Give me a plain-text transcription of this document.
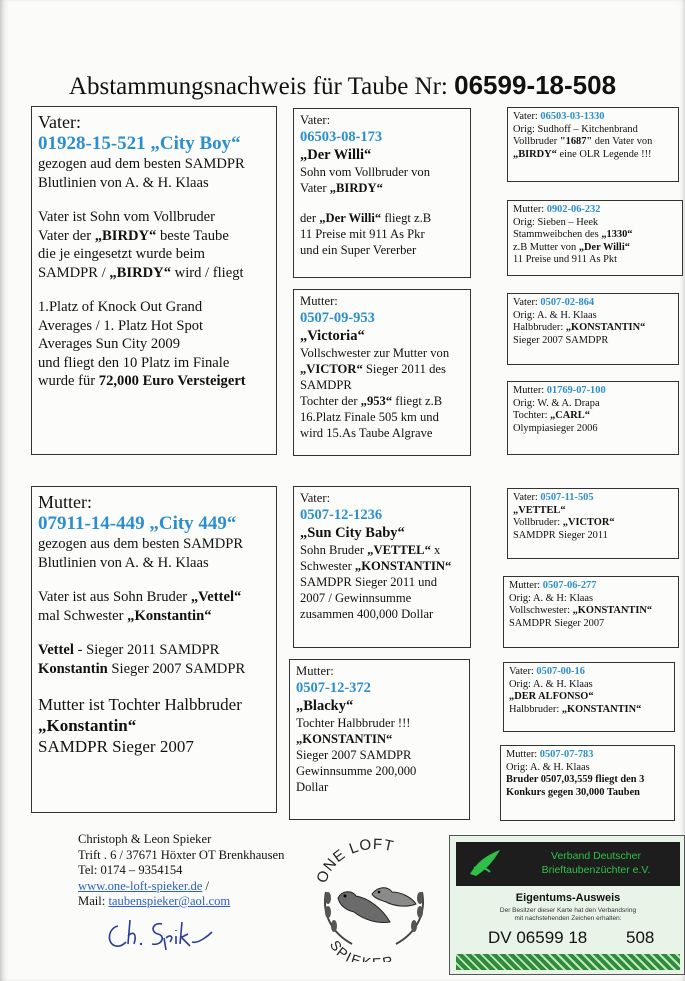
Abstammungsnachweis für Taube Nr: 06599-18-508

Vater:

01928-15-521 „City Boy“

gezogen aud dem besten SAMDPR

Blutlinien von A. & H. Klaas

Vater ist Sohn vom Vollbruder

Vater der „BIRDY“ beste Taube

die je eingesetzt wurde beim

SAMDPR / „BIRDY“ wird / fliegt

1.Platz of Knock Out Grand

Averages / 1. Platz Hot Spot

Averages Sun City 2009

und fliegt den 10 Platz im Finale

wurde für 72,000 Euro Versteigert

Mutter:

07911-14-449 „City 449“

gezogen aus dem besten SAMDPR

Blutlinien von A. & H. Klaas

Vater ist aus Sohn Bruder „Vettel“

mal Schwester „Konstantin“

Vettel - Sieger 2011 SAMDPR

Konstantin Sieger 2007 SAMDPR

Mutter ist Tochter Halbbruder

„Konstantin“

SAMDPR Sieger 2007

Vater:

06503-08-173

„Der Willi“

Sohn vom Vollbruder von

Vater „BIRDY“

der „Der Willi“ fliegt z.B

11 Preise mit 911 As Pkr

und ein Super Vererber

Mutter:

0507-09-953

„Victoria“

Vollschwester zur Mutter von

„VICTOR“ Sieger 2011 des

SAMDPR

Tochter der „953“ fliegt z.B

16.Platz Finale 505 km und

wird 15.As Taube Algrave

Vater:

0507-12-1236

„Sun City Baby“

Sohn Bruder „VETTEL“ x

Schwester „KONSTANTIN“

SAMDPR Sieger 2011 und

2007 / Gewinnsumme

zusammen 400,000 Dollar

Mutter:

0507-12-372

„Blacky“

Tochter Halbbruder !!!

„KONSTANTIN“

Sieger 2007 SAMDPR

Gewinnsumme 200,000

Dollar

Vater: 06503-03-1330

Orig: Sudhoff – Kitchenbrand

Vollbruder "1687" den Vater von

„BIRDY“ eine OLR Legende !!!

Mutter: 0902-06-232

Orig: Sieben – Heek

Stammweibchen des „1330“

z.B Mutter von „Der Willi“

11 Preise und 911 As Pkt

Vater: 0507-02-864

Orig: A. & H. Klaas

Halbbruder: „KONSTANTIN“

Sieger 2007 SAMDPR

Mutter: 01769-07-100

Orig: W. & A. Drapa

Tochter: „CARL“

Olympiasieger 2006

Vater: 0507-11-505

„VETTEL“

Vollbruder: „VICTOR“

SAMDPR Sieger 2011

Mutter: 0507-06-277

Orig: A. & H: Klaas

Vollschwester: „KONSTANTIN“

SAMDPR Sieger 2007

Vater: 0507-00-16

Orig: A. & H. Klaas

„DER ALFONSO“

Halbbruder: „KONSTANTIN“

Mutter: 0507-07-783

Orig: A. & H. Klaas

Bruder 0507,03,559 fliegt den 3

Konkurs gegen 30,000 Tauben

Christoph & Leon Spieker

Trift . 6 / 37671 Höxter OT Brenkhausen

Tel: 0174 – 9354154

www.one-loft-spieker.de /

Mail: taubenspieker@aol.com

ONE LOFT
SPIE R
Verband Deutscher
Brieftaubenzüchter e.V.
Eigentums-Ausweis
Der Besitzer dieser Karte hat den Verbandsring
mit nachstehenden Zeichen erhalten:
DV 06599 18 508
